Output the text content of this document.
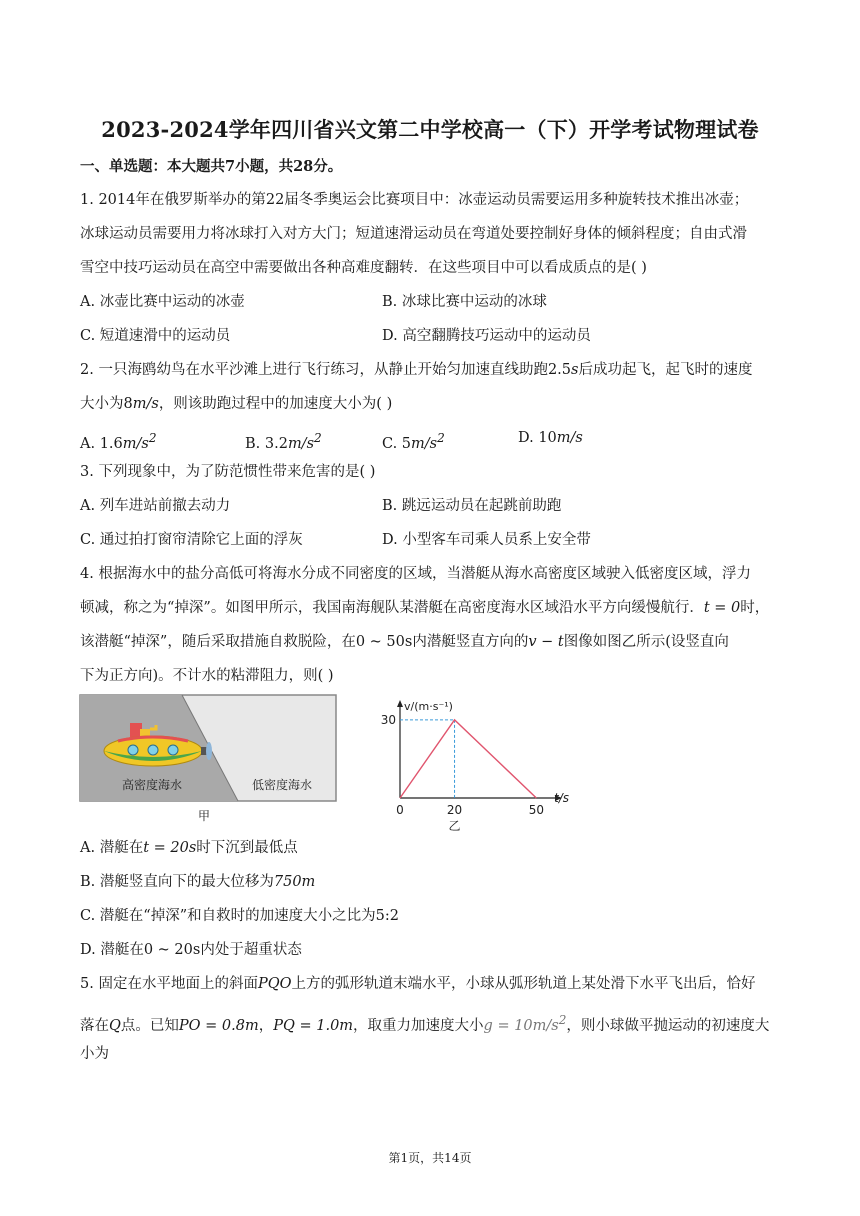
2023-2024学年四川省兴文第二中学校高一（下）开学考试物理试卷
一、单选题：本大题共7小题，共28分。
1. 2014年在俄罗斯举办的第22届冬季奥运会比赛项目中：冰壶运动员需要运用多种旋转技术推出冰壶；
冰球运动员需要用力将冰球打入对方大门；短道速滑运动员在弯道处要控制好身体的倾斜程度；自由式滑
雪空中技巧运动员在高空中需要做出各种高难度翻转．在这些项目中可以看成质点的是( )
A. 冰壶比赛中运动的冰壶	B. 冰球比赛中运动的冰球
C. 短道速滑中的运动员	D. 高空翻腾技巧运动中的运动员
2. 一只海鸥幼鸟在水平沙滩上进行飞行练习，从静止开始匀加速直线助跑2.5s后成功起飞，起飞时的速度
大小为8m/s，则该助跑过程中的加速度大小为( )
A. $1.6m/s^2$	B. $3.2m/s^2$	C. $5m/s^2$	D. 10m/s
3. 下列现象中，为了防范惯性带来危害的是( )
A. 列车进站前撤去动力	B. 跳远运动员在起跳前助跑
C. 通过拍打窗帘清除它上面的浮灰	D. 小型客车司乘人员系上安全带
4. 根据海水中的盐分高低可将海水分成不同密度的区域，当潜艇从海水高密度区域驶入低密度区域，浮力
顿减，称之为“掉深”。如图甲所示，我国南海舰队某潜艇在高密度海水区域沿水平方向缓慢航行．t = 0时，
该潜艇“掉深”，随后采取措施自救脱险，在0 ~ 50s内潜艇竖直方向的v − t图像如图乙所示(设竖直向
下为正方向)。不计水的粘滞阻力，则( )
高密度海水	低密度海水
甲	0	20	50
30
v/(m·s⁻¹)
t/s
乙
A. 潜艇在t = 20s时下沉到最低点
B. 潜艇竖直向下的最大位移为750m
C. 潜艇在“掉深”和自救时的加速度大小之比为5:2
D. 潜艇在0 ~ 20s内处于超重状态
5. 固定在水平地面上的斜面PQO上方的弧形轨道末端水平，小球从弧形轨道上某处滑下水平飞出后，恰好
落在Q点。已知PO = 0.8m，PQ = 1.0m，取重力加速度大小$g = 10m/s^2$，则小球做平抛运动的初速度大
小为
第1页，共14页
